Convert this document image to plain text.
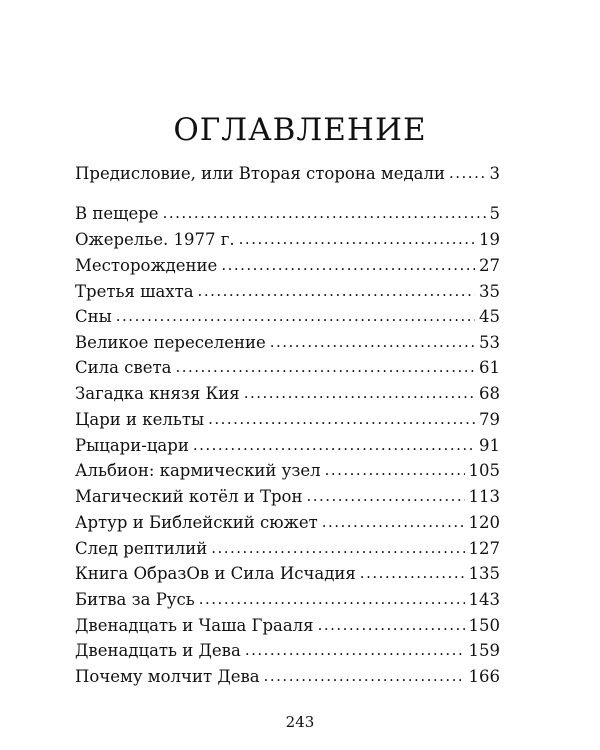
ОГЛАВЛЕНИЕ
Предисловие, или Вторая сторона медали .....	3
В пещере .....	5
Ожерелье. 1977 г. .....	19
Месторождение .....	27
Третья шахта .....	35
Сны .....	45
Великое переселение .....	53
Сила света .....	61
Загадка князя Кия .....	68
Цари и кельты .....	79
Рыцари-цари .....	91
Альбион: кармический узел .....	105
Магический котёл и Трон .....	113
Артур и Библейский сюжет .....	120
След рептилий .....	127
Книга ОбразОв и Сила Исчадия .....	135
Битва за Русь .....	143
Двенадцать и Чаша Грааля .....	150
Двенадцать и Дева .....	159
Почему молчит Дева .....	166
243
